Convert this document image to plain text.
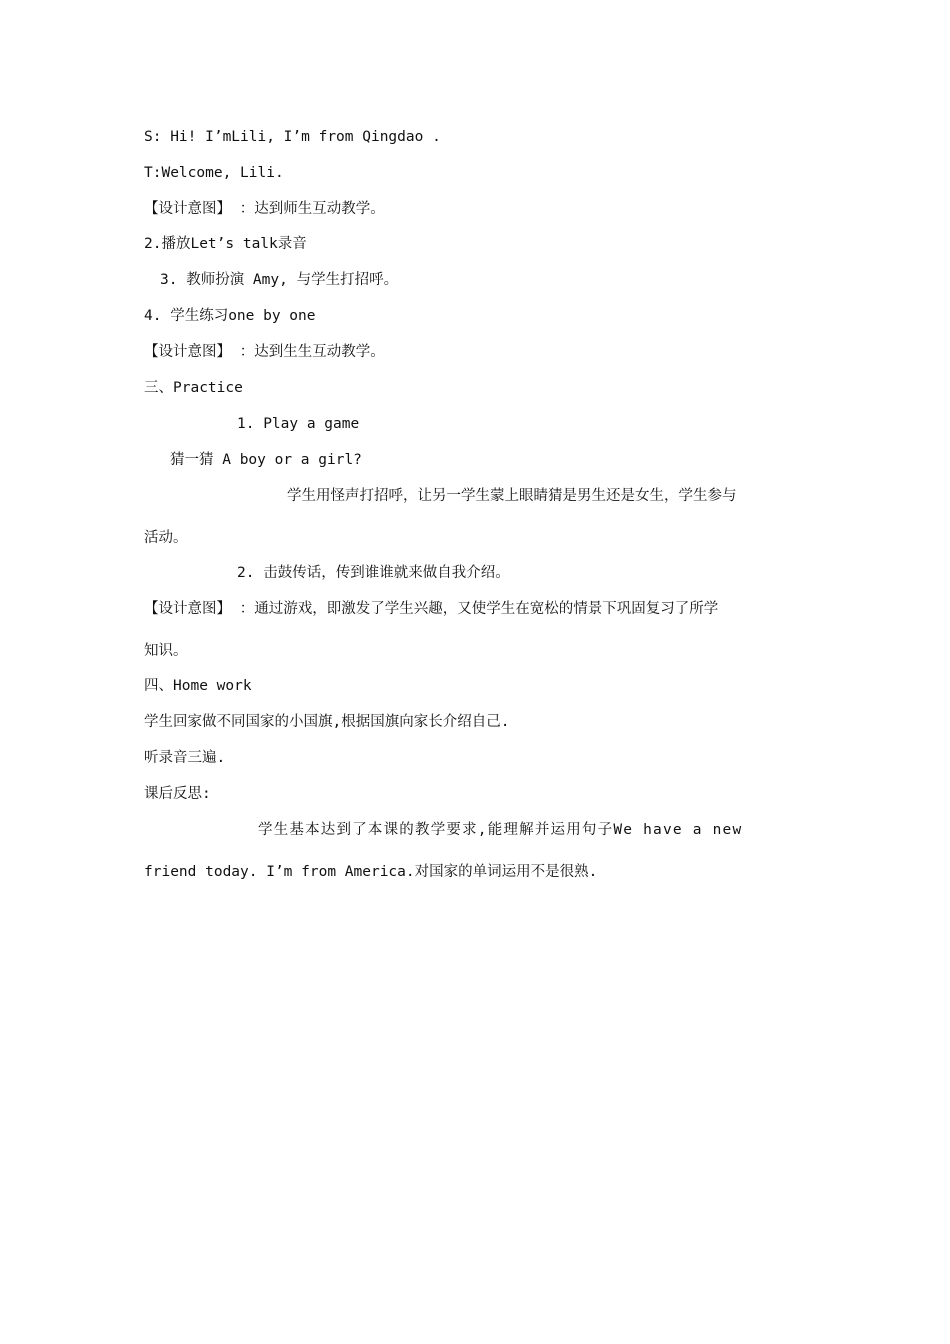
S: Hi! I’mLili, I’m from Qingdao .
T:Welcome, Lili.
【设计意图】 ：达到师生互动教学。
2.播放Let’s talk录音
3. 教师扮演 Amy, 与学生打招呼。
4. 学生练习one by one
【设计意图】 ：达到生生互动教学。
三、Practice
1. Play a game
猜一猜 A boy or a girl?
学生用怪声打招呼，让另一学生蒙上眼睛猜是男生还是女生，学生参与
活动。
2. 击鼓传话，传到谁谁就来做自我介绍。
【设计意图】 ：通过游戏，即激发了学生兴趣，又使学生在宽松的情景下巩固复习了所学
知识。
四、Home work
学生回家做不同国家的小国旗,根据国旗向家长介绍自己.
听录音三遍.
课后反思:
学生基本达到了本课的教学要求,能理解并运用句子We have a new
friend today. I’m from America.对国家的单词运用不是很熟.
